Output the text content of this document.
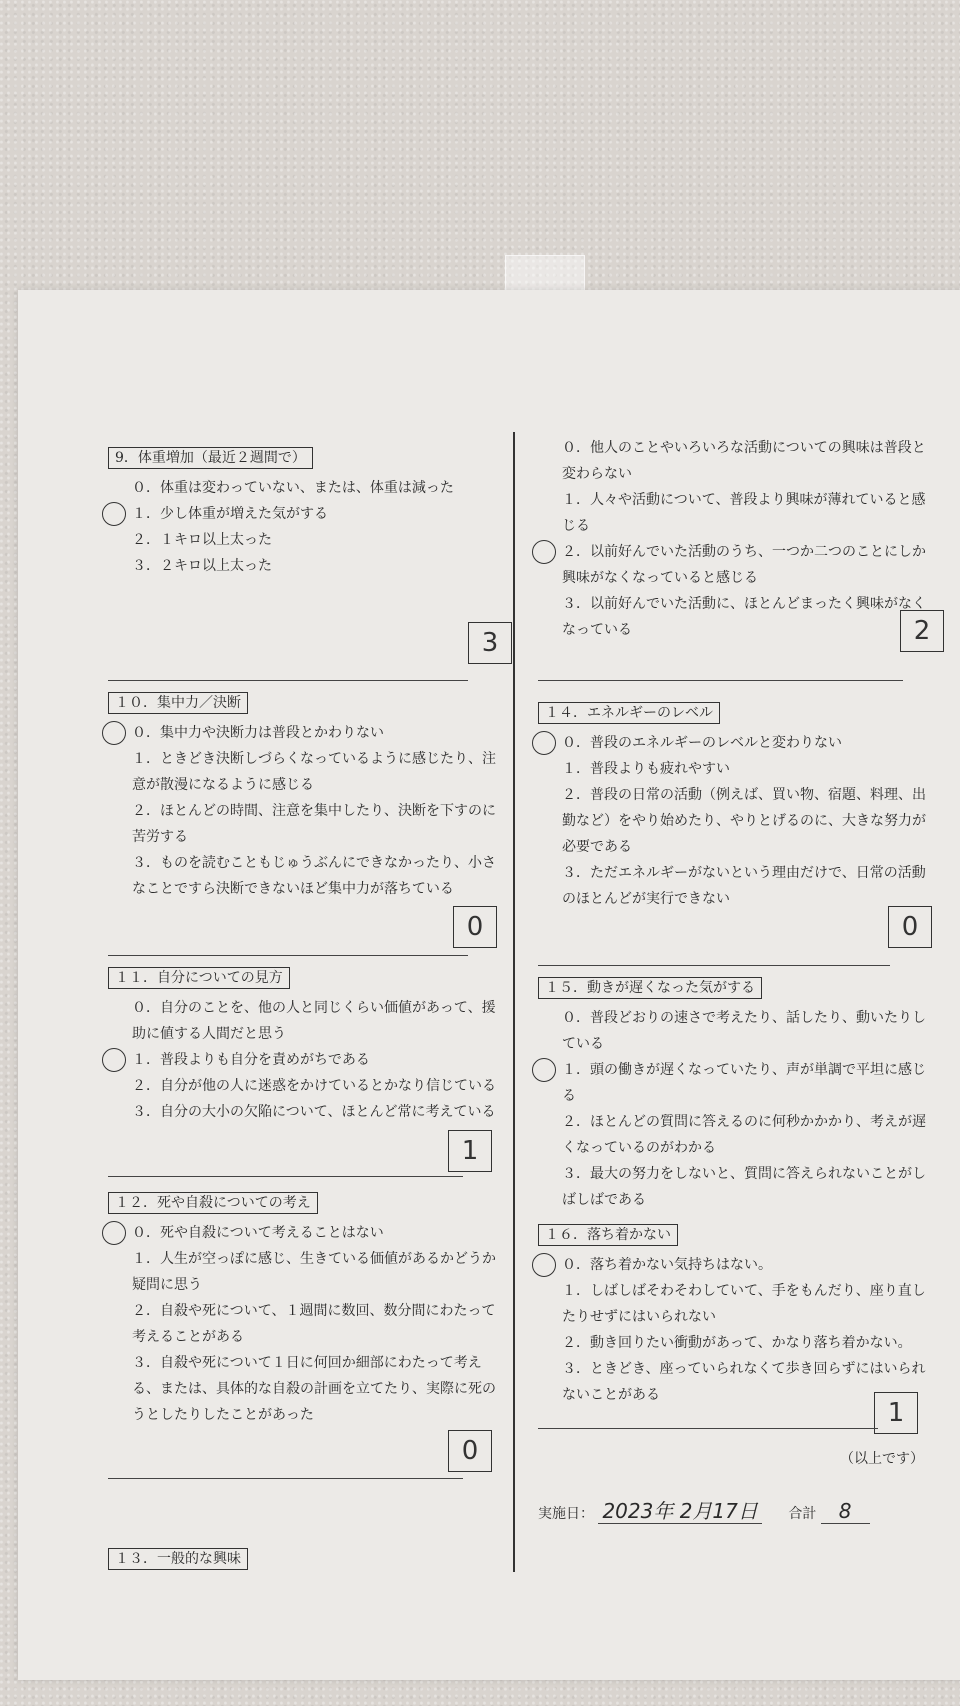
9．体重増加（最近２週間で）
０．体重は変わっていない、または、体重は減った
１．少し体重が増えた気がする
２．１キロ以上太った
３．２キロ以上太った
3
１０．集中力／決断
０．集中力や決断力は普段とかわりない
１．ときどき決断しづらくなっているように感じたり、注意が散漫になるように感じる
２．ほとんどの時間、注意を集中したり、決断を下すのに苦労する
３．ものを読むこともじゅうぶんにできなかったり、小さなことですら決断できないほど集中力が落ちている
0
１１．自分についての見方
０．自分のことを、他の人と同じくらい価値があって、援助に値する人間だと思う
１．普段よりも自分を責めがちである
２．自分が他の人に迷惑をかけているとかなり信じている
３．自分の大小の欠陥について、ほとんど常に考えている
1
１２．死や自殺についての考え
０．死や自殺について考えることはない
１．人生が空っぽに感じ、生きている価値があるかどうか疑問に思う
２．自殺や死について、１週間に数回、数分間にわたって考えることがある
３．自殺や死について１日に何回か細部にわたって考える、または、具体的な自殺の計画を立てたり、実際に死のうとしたりしたことがあった
0
１３．一般的な興味
０．他人のことやいろいろな活動についての興味は普段と変わらない
１．人々や活動について、普段より興味が薄れていると感じる
２．以前好んでいた活動のうち、一つか二つのことにしか興味がなくなっていると感じる
３．以前好んでいた活動に、ほとんどまったく興味がなくなっている	2
１４．エネルギーのレベル
０．普段のエネルギーのレベルと変わりない
１．普段よりも疲れやすい
２．普段の日常の活動（例えば、買い物、宿題、料理、出勤など）をやり始めたり、やりとげるのに、大きな努力が必要である
３．ただエネルギーがないという理由だけで、日常の活動のほとんどが実行できない
0
１５．動きが遅くなった気がする
０．普段どおりの速さで考えたり、話したり、動いたりしている
１．頭の働きが遅くなっていたり、声が単調で平坦に感じる
２．ほとんどの質問に答えるのに何秒かかかり、考えが遅くなっているのがわかる
３．最大の努力をしないと、質問に答えられないことがしばしばである
１６．落ち着かない
０．落ち着かない気持ちはない。
１．しばしばそわそわしていて、手をもんだり、座り直したりせずにはいられない
２．動き回りたい衝動があって、かなり落ち着かない。
３．ときどき、座っていられなくて歩き回らずにはいられないことがある
1
（以上です）
実施日： 2023年 2月17日 合計 8
